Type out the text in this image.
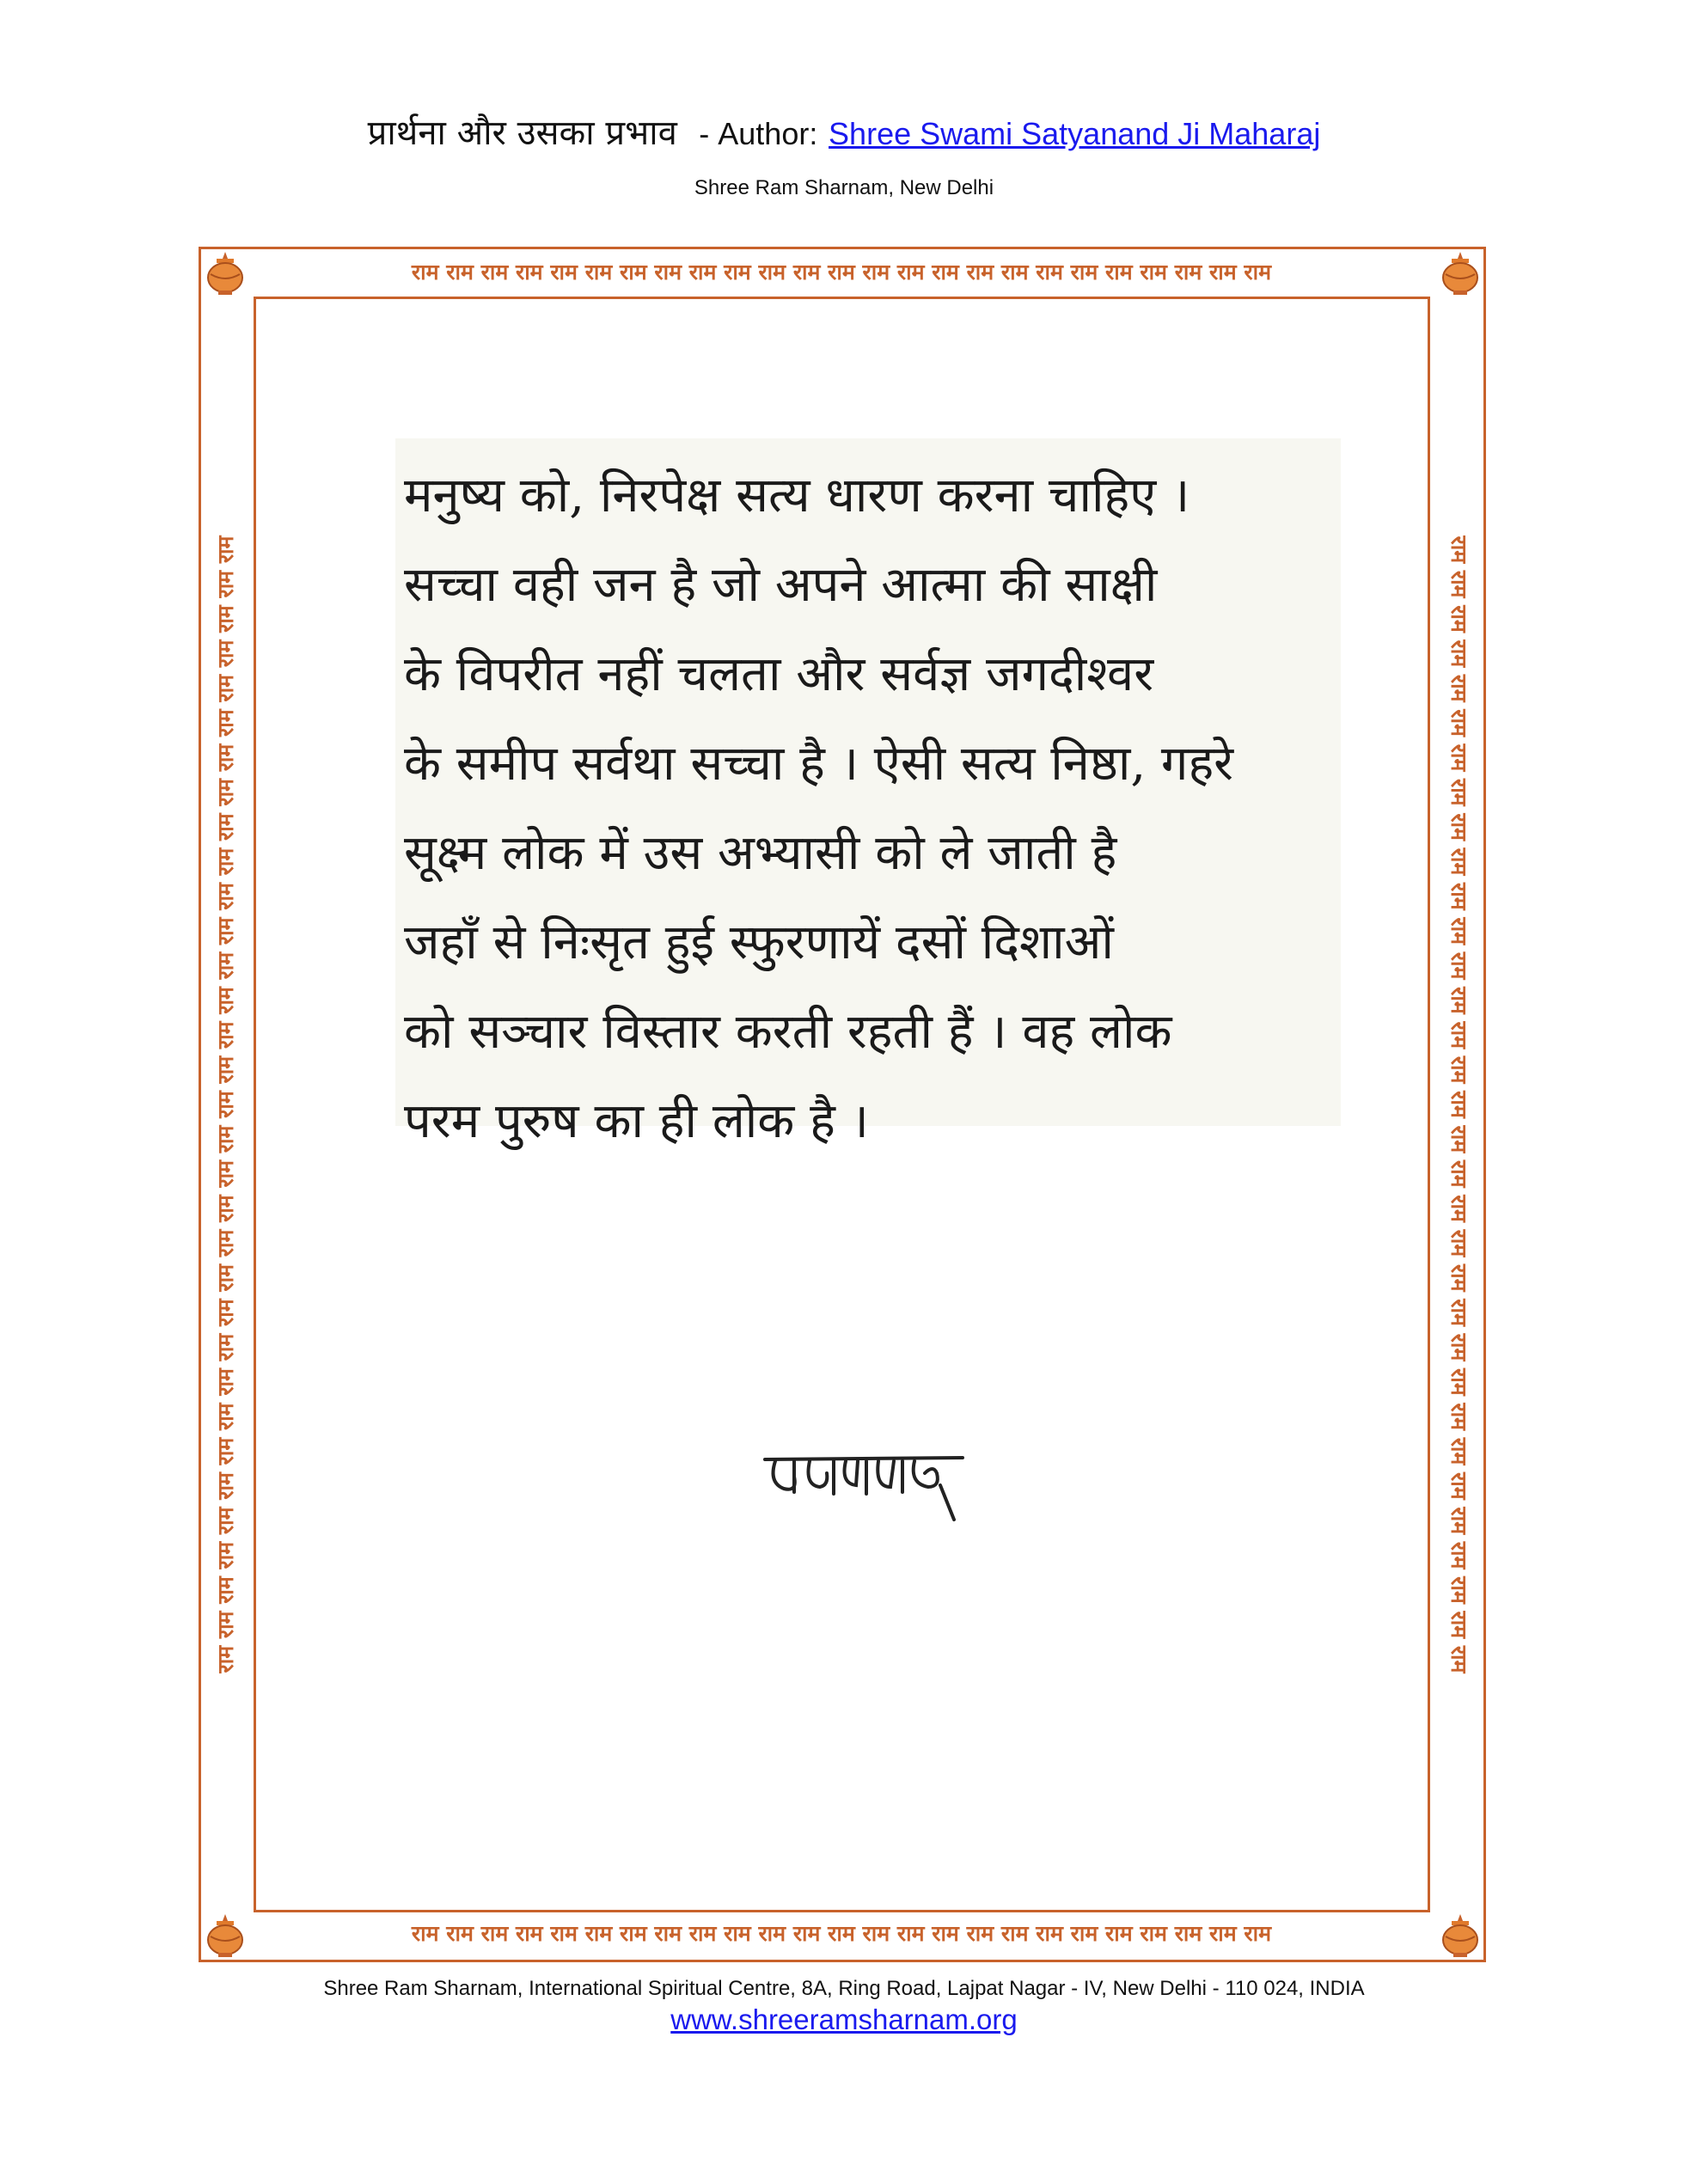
प्रार्थना और उसका प्रभाव - Author: Shree Swami Satyanand Ji Maharaj
Shree Ram Sharnam, New Delhi
राम राम राम राम राम राम राम राम राम राम राम राम राम राम राम राम राम राम राम राम राम राम राम राम राम
राम राम राम राम राम राम राम राम राम राम राम राम राम राम राम राम राम राम राम राम राम राम राम राम राम
राम राम राम राम राम राम राम राम राम राम राम राम राम राम राम राम राम राम राम राम राम राम राम राम राम राम राम राम राम राम राम राम राम	राम राम राम राम राम राम राम राम राम राम राम राम राम राम राम राम राम राम राम राम राम राम राम राम राम राम राम राम राम राम राम राम राम
मनुष्य को, निरपेक्ष सत्य धारण करना चाहिए ।
सच्चा वही जन है जो अपने आत्मा की साक्षी
के विपरीत नहीं चलता और सर्वज्ञ जगदीश्वर
के समीप सर्वथा सच्चा है । ऐसी सत्य निष्ठा, गहरे
सूक्ष्म लोक में उस अभ्यासी को ले जाती है
जहाँ से निःसृत हुई स्फुरणायें दसों दिशाओं
को सञ्चार विस्तार करती रहती हैं । वह लोक
परम पुरुष का ही लोक है ।
Shree Ram Sharnam, International Spiritual Centre, 8A, Ring Road, Lajpat Nagar - IV, New Delhi - 110 024, INDIA
www.shreeramsharnam.org
